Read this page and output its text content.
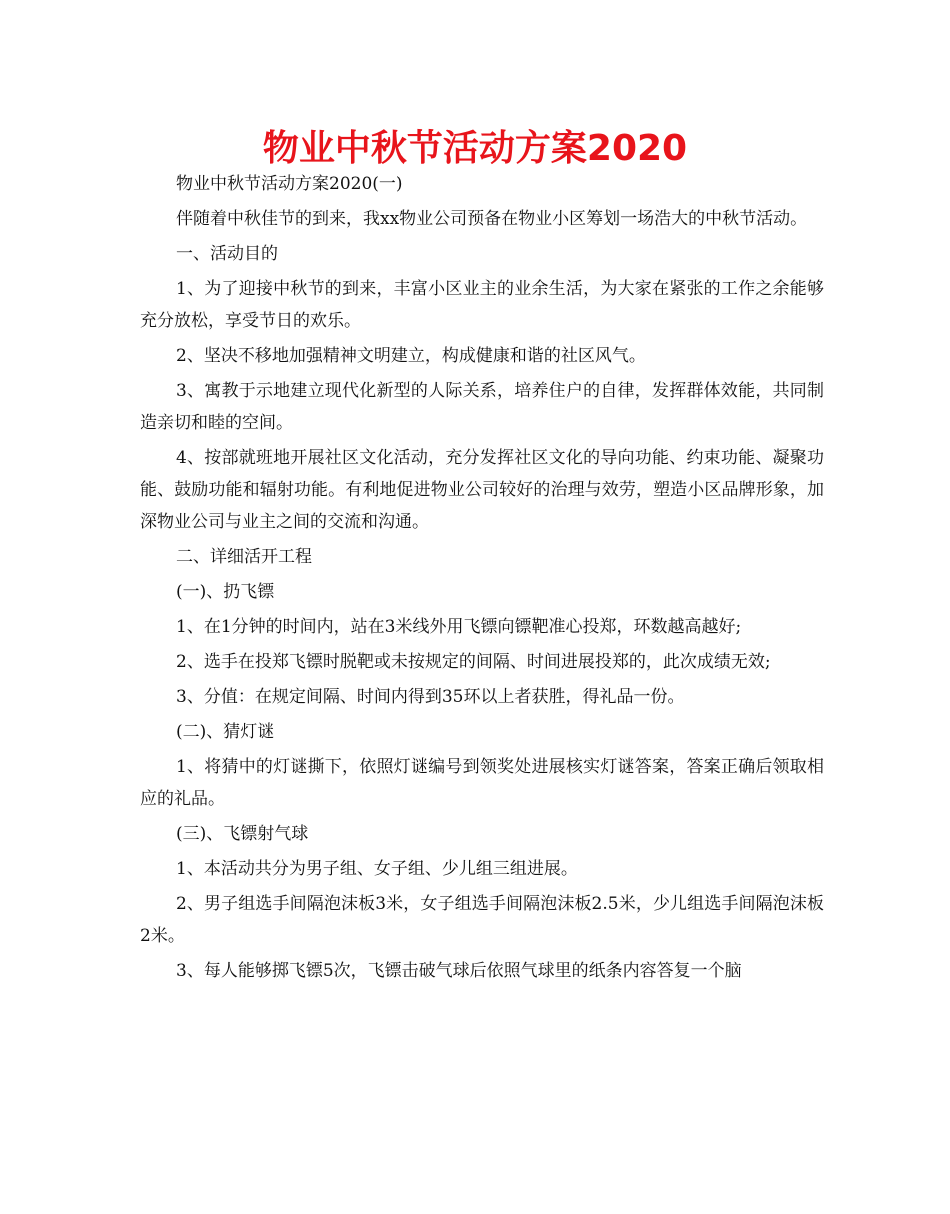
物业中秋节活动方案2020

物业中秋节活动方案2020(一)

伴随着中秋佳节的到来，我xx物业公司预备在物业小区筹划一场浩大的中秋节活动。

一、活动目的

1、为了迎接中秋节的到来，丰富小区业主的业余生活，为大家在紧张的工作之余能够充分放松，享受节日的欢乐。

2、坚决不移地加强精神文明建立，构成健康和谐的社区风气。

3、寓教于示地建立现代化新型的人际关系，培养住户的自律，发挥群体效能，共同制造亲切和睦的空间。

4、按部就班地开展社区文化活动，充分发挥社区文化的导向功能、约束功能、凝聚功能、鼓励功能和辐射功能。有利地促进物业公司较好的治理与效劳，塑造小区品牌形象，加深物业公司与业主之间的交流和沟通。

二、详细活开工程

(一)、扔飞镖

1、在1分钟的时间内，站在3米线外用飞镖向镖靶准心投郑，环数越高越好;

2、选手在投郑飞镖时脱靶或未按规定的间隔、时间进展投郑的，此次成绩无效;

3、分值：在规定间隔、时间内得到35环以上者获胜，得礼品一份。

(二)、猜灯谜

1、将猜中的灯谜撕下，依照灯谜编号到领奖处进展核实灯谜答案，答案正确后领取相应的礼品。

(三)、飞镖射气球

1、本活动共分为男子组、女子组、少儿组三组进展。

2、男子组选手间隔泡沫板3米，女子组选手间隔泡沫板2.5米，少儿组选手间隔泡沫板2米。

3、每人能够掷飞镖5次，飞镖击破气球后依照气球里的纸条内容答复一个脑
